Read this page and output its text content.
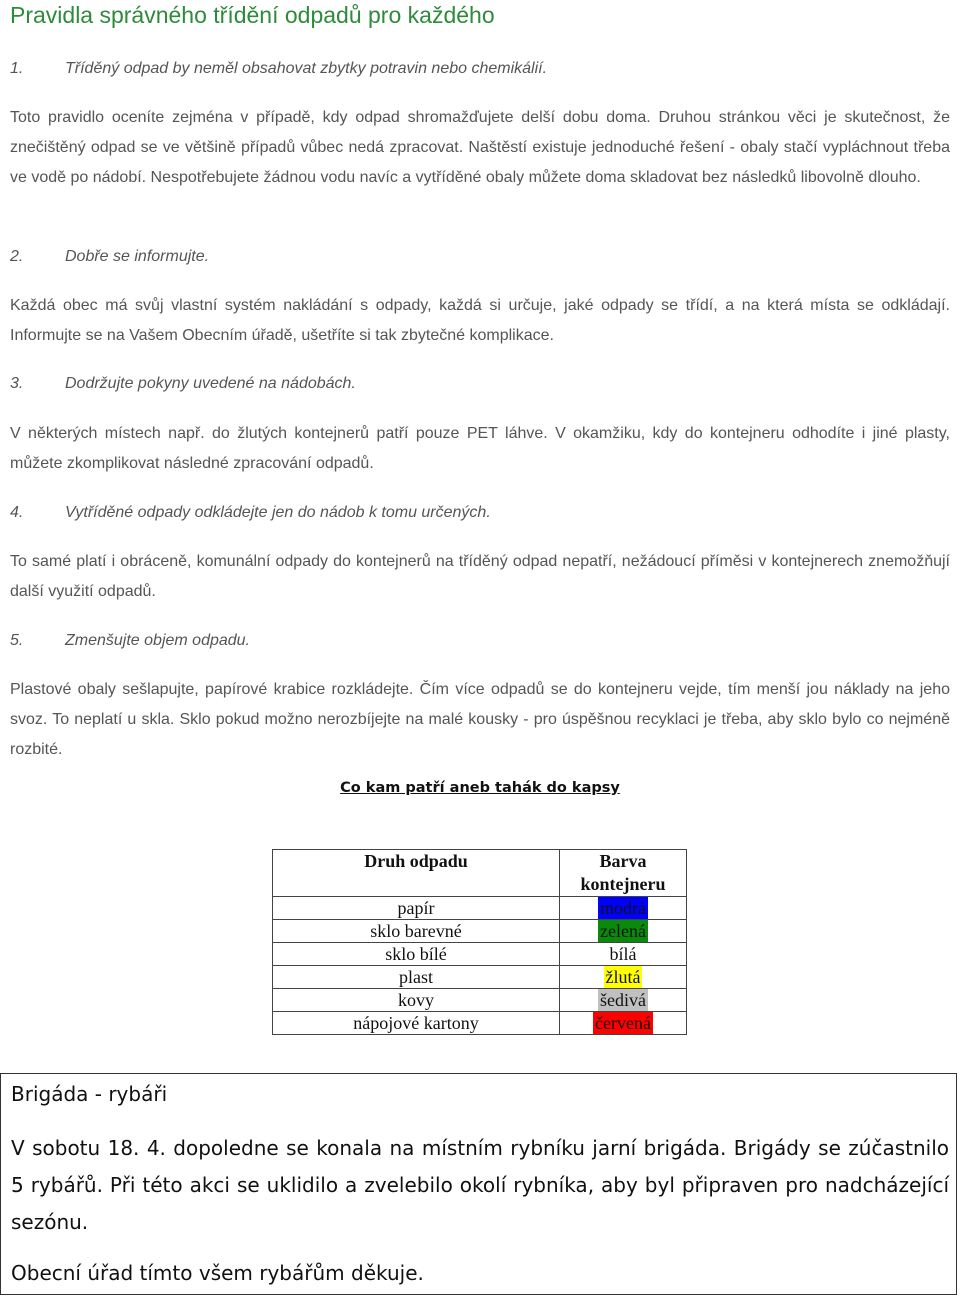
Pravidla správného třídění odpadů pro každého
1.	Tříděný odpad by neměl obsahovat zbytky potravin nebo chemikálií.
Toto pravidlo oceníte zejména v případě, kdy odpad shromažďujete delší dobu doma. Druhou stránkou věci je skutečnost, že znečištěný odpad se ve většině případů vůbec nedá zpracovat. Naštěstí existuje jednoduché řešení - obaly stačí vypláchnout třeba ve vodě po nádobí. Nespotřebujete žádnou vodu navíc a vytříděné obaly můžete doma skladovat bez následků libovolně dlouho.
2.	Dobře se informujte.
Každá obec má svůj vlastní systém nakládání s odpady, každá si určuje, jaké odpady se třídí, a na která místa se odkládají. Informujte se na Vašem Obecním úřadě, ušetříte si tak zbytečné komplikace.
3.	Dodržujte pokyny uvedené na nádobách.
V některých místech např. do žlutých kontejnerů patří pouze PET láhve. V okamžiku, kdy do kontejneru odhodíte i jiné plasty, můžete zkomplikovat následné zpracování odpadů.
4.	Vytříděné odpady odkládejte jen do nádob k tomu určených.
To samé platí i obráceně, komunální odpady do kontejnerů na tříděný odpad nepatří, nežádoucí příměsi v kontejnerech znemožňují další využití odpadů.
5.	Zmenšujte objem odpadu.
Plastové obaly sešlapujte, papírové krabice rozkládejte. Čím více odpadů se do kontejneru vejde, tím menší jou náklady na jeho svoz. To neplatí u skla. Sklo pokud možno nerozbíjejte na malé kousky - pro úspěšnou recyklaci je třeba, aby sklo bylo co nejméně rozbité.
Co kam patří aneb tahák do kapsy
Druh odpadu	Barva kontejneru
papír	modrá
sklo barevné	zelená
sklo bílé	bílá
plast	žlutá
kovy	šedivá
nápojové kartony	červená
Brigáda - rybáři
V sobotu 18. 4. dopoledne se konala na místním rybníku jarní brigáda. Brigády se zúčastnilo 5 rybářů. Při této akci se uklidilo a zvelebilo okolí rybníka, aby byl připraven pro nadcházející sezónu.
Obecní úřad tímto všem rybářům děkuje.
